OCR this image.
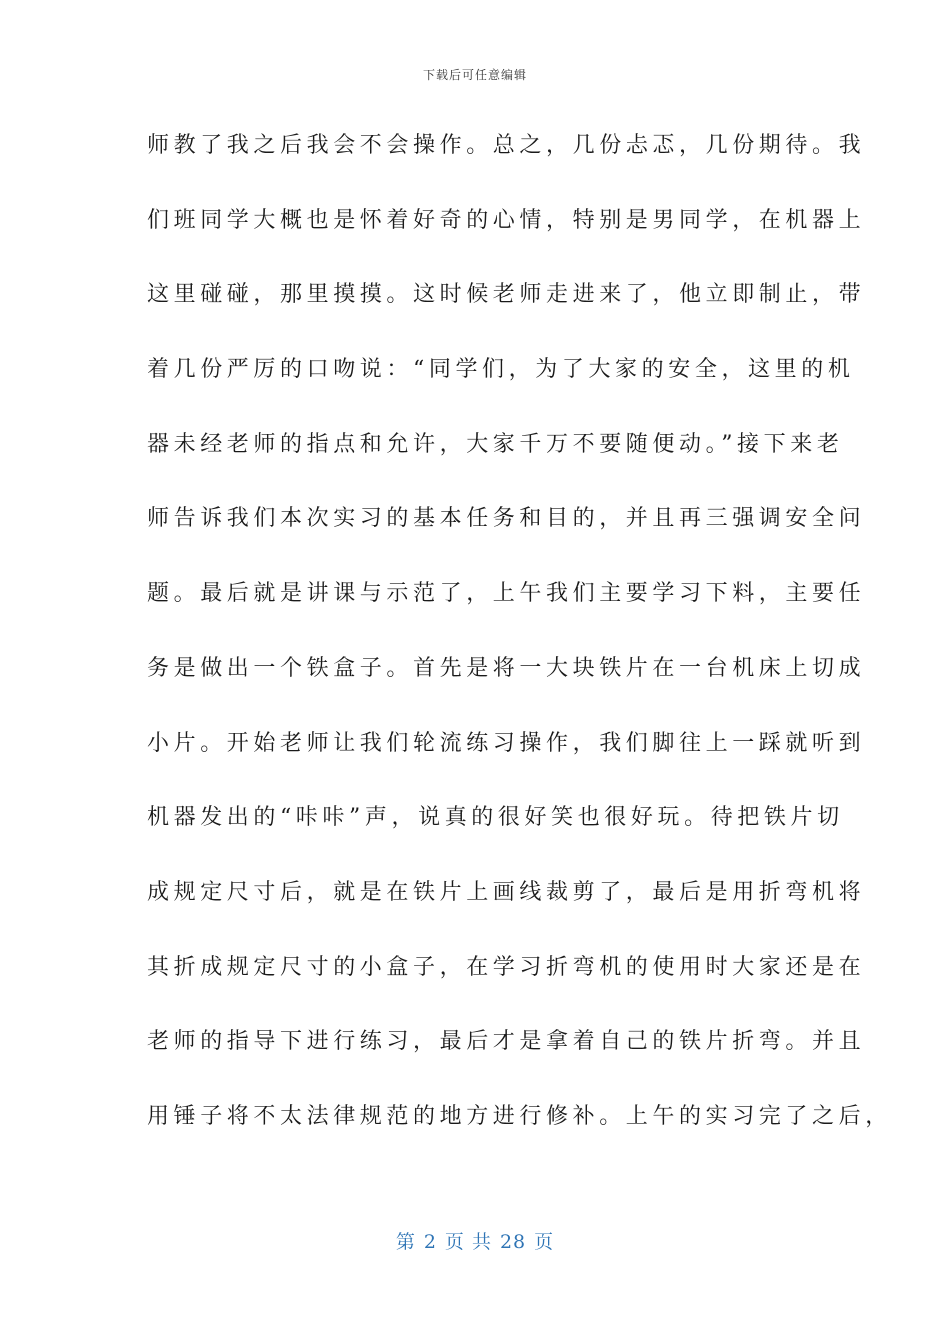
下载后可任意编辑
师教了我之后我会不会操作。总之，几份忐忑，几份期待。我
们班同学大概也是怀着好奇的心情，特别是男同学，在机器上
这里碰碰，那里摸摸。这时候老师走进来了，他立即制止，带
着几份严厉的口吻说：“同学们，为了大家的安全，这里的机
器未经老师的指点和允许，大家千万不要随便动。”接下来老
师告诉我们本次实习的基本任务和目的，并且再三强调安全问
题。最后就是讲课与示范了，上午我们主要学习下料，主要任
务是做出一个铁盒子。首先是将一大块铁片在一台机床上切成
小片。开始老师让我们轮流练习操作，我们脚往上一踩就听到
机器发出的“咔咔”声，说真的很好笑也很好玩。待把铁片切
成规定尺寸后，就是在铁片上画线裁剪了，最后是用折弯机将
其折成规定尺寸的小盒子，在学习折弯机的使用时大家还是在
老师的指导下进行练习，最后才是拿着自己的铁片折弯。并且
用锤子将不太法律规范的地方进行修补。上午的实习完了之后，
第 2 页 共 28 页
